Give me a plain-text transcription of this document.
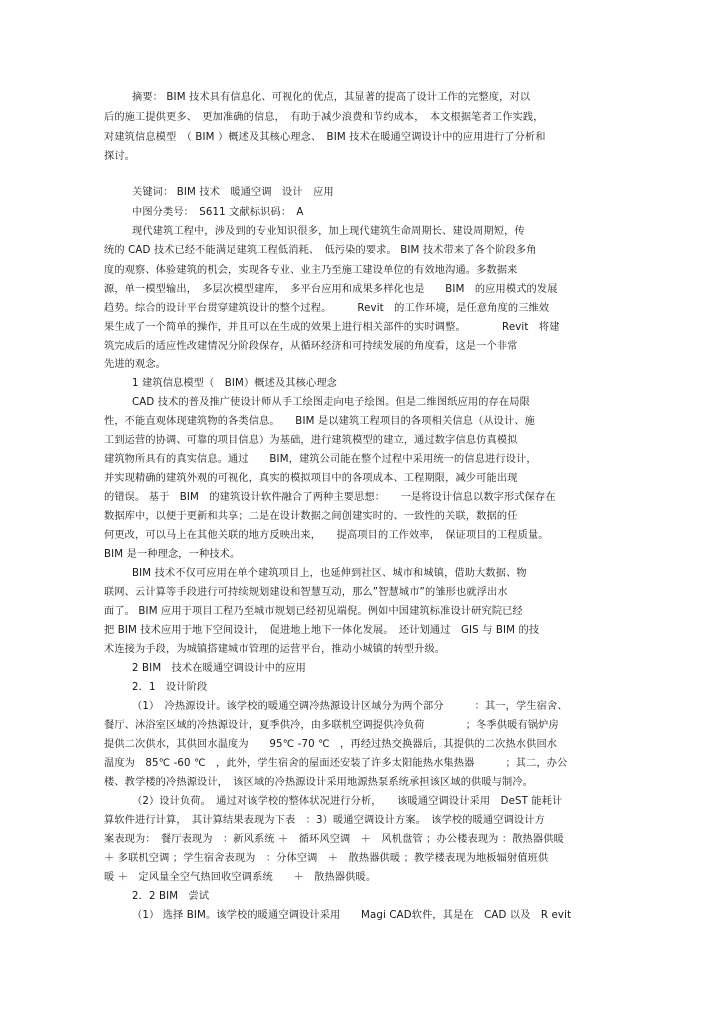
摘要： BIM 技术具有信息化、可视化的优点，其显著的提高了设计工作的完整度，对以
后的施工提供更多、　更加准确的信息，　有助于减少浪费和节约成本，　本文根据笔者工作实践，
对建筑信息模型　（ BIM ）概述及其核心理念、　BIM 技术在暖通空调设计中的应用进行了分析和
探讨。
关键词： BIM 技术　暖通空调　设计　应用
中图分类号：　S611 文献标识码：　A
现代建筑工程中，涉及到的专业知识很多，加上现代建筑生命周期长、建设周期短，传
统的 CAD 技术已经不能满足建筑工程低消耗、　低污染的要求。 BIM 技术带来了各个阶段多角
度的观察、体验建筑的机会，实现各专业、业主乃至施工建设单位的有效地沟通。多数据来
源，单一模型输出，　多层次模型建库，　多平台应用和成果多样化也是　　BIM　的应用模式的发展
趋势。综合的设计平台贯穿建筑设计的整个过程。　　　Revit　的工作环境，是任意角度的三维效
果生成了一个简单的操作，并且可以在生成的效果上进行相关部件的实时调整。　　　　Revit　将建
筑完成后的适应性改建情况分阶段保存，从循环经济和可持续发展的角度看，这是一个非常
先进的观念。
1 建筑信息模型（　BIM）概述及其核心理念
CAD 技术的普及推广使设计师从手工绘图走向电子绘图。但是二维图纸应用的存在局限
性，不能直观体现建筑物的各类信息。　　BIM 是以建筑工程项目的各项相关信息（从设计、施
工到运营的协调、可靠的项目信息）为基础，进行建筑模型的建立，通过数字信息仿真模拟
建筑物所具有的真实信息。通过　　BIM，建筑公司能在整个过程中采用统一的信息进行设计，
并实现精确的建筑外观的可视化，真实的模拟项目中的各项成本、工程期限，减少可能出现
的错误。 基于　BIM　的建筑设计软件融合了两种主要思想：　　一是将设计信息以数字形式保存在
数据库中，以便于更新和共享；二是在设计数据之间创建实时的、一致性的关联，数据的任
何更改，可以马上在其他关联的地方反映出来，　　提高项目的工作效率，　保证项目的工程质量。
BIM 是一种理念，一种技术。
BIM 技术不仅可应用在单个建筑项目上，也延伸到社区、城市和城镇，借助大数据、物
联网、云计算等手段进行可持续规划建设和智慧互动，那么”智慧城市”的雏形也就浮出水
面了。 BIM 应用于项目工程乃至城市规划已经初见端倪。例如中国建筑标准设计研究院已经
把 BIM 技术应用于地下空间设计，　促进地上地下一体化发展。　还计划通过　GIS 与 BIM 的技
术连接为手段，为城镇搭建城市管理的运营平台，推动小城镇的转型升级。
2 BIM　技术在暖通空调设计中的应用
2．1　设计阶段
（1）　冷热源设计。该学校的暖通空调冷热源设计区域分为两个部分　　　：其一，学生宿舍、
餐厅、沐浴室区域的冷热源设计，夏季供冷，由多联机空调提供冷负荷　　　　；冬季供暖有锅炉房
提供二次供水，其供回水温度为　　95℃ -70 ℃　，再经过热交换器后，其提供的二次热水供回水
温度为　85℃ -60 ℃　，此外，学生宿舍的屋面还安装了许多太阳能热水集热器　　　；其二，办公
楼、教学楼的冷热源设计，　该区域的冷热源设计采用地源热泵系统承担该区域的供暖与制冷。
（2）设计负荷。　通过对该学校的整体状况进行分析，　　该暖通空调设计采用　DeST 能耗计
算软件进行计算，　其计算结果表现为下表　：3）暖通空调设计方案。　该学校的暖通空调设计方
案表现为：　餐厅表现为　：新风系统 ＋　循环风空调　＋　风机盘管 ；办公楼表现为 ：散热器供暖
＋ 多联机空调 ；学生宿舍表现为　：分体空调　＋　散热器供暖 ；教学楼表现为地板辐射值班供
暖 ＋　定风量全空气热回收空调系统　　＋　散热器供暖。
2．2 BIM　尝试
（1） 选择 BIM。该学校的暖通空调设计采用　　Magi CAD软件，其是在　CAD 以及　R evit
